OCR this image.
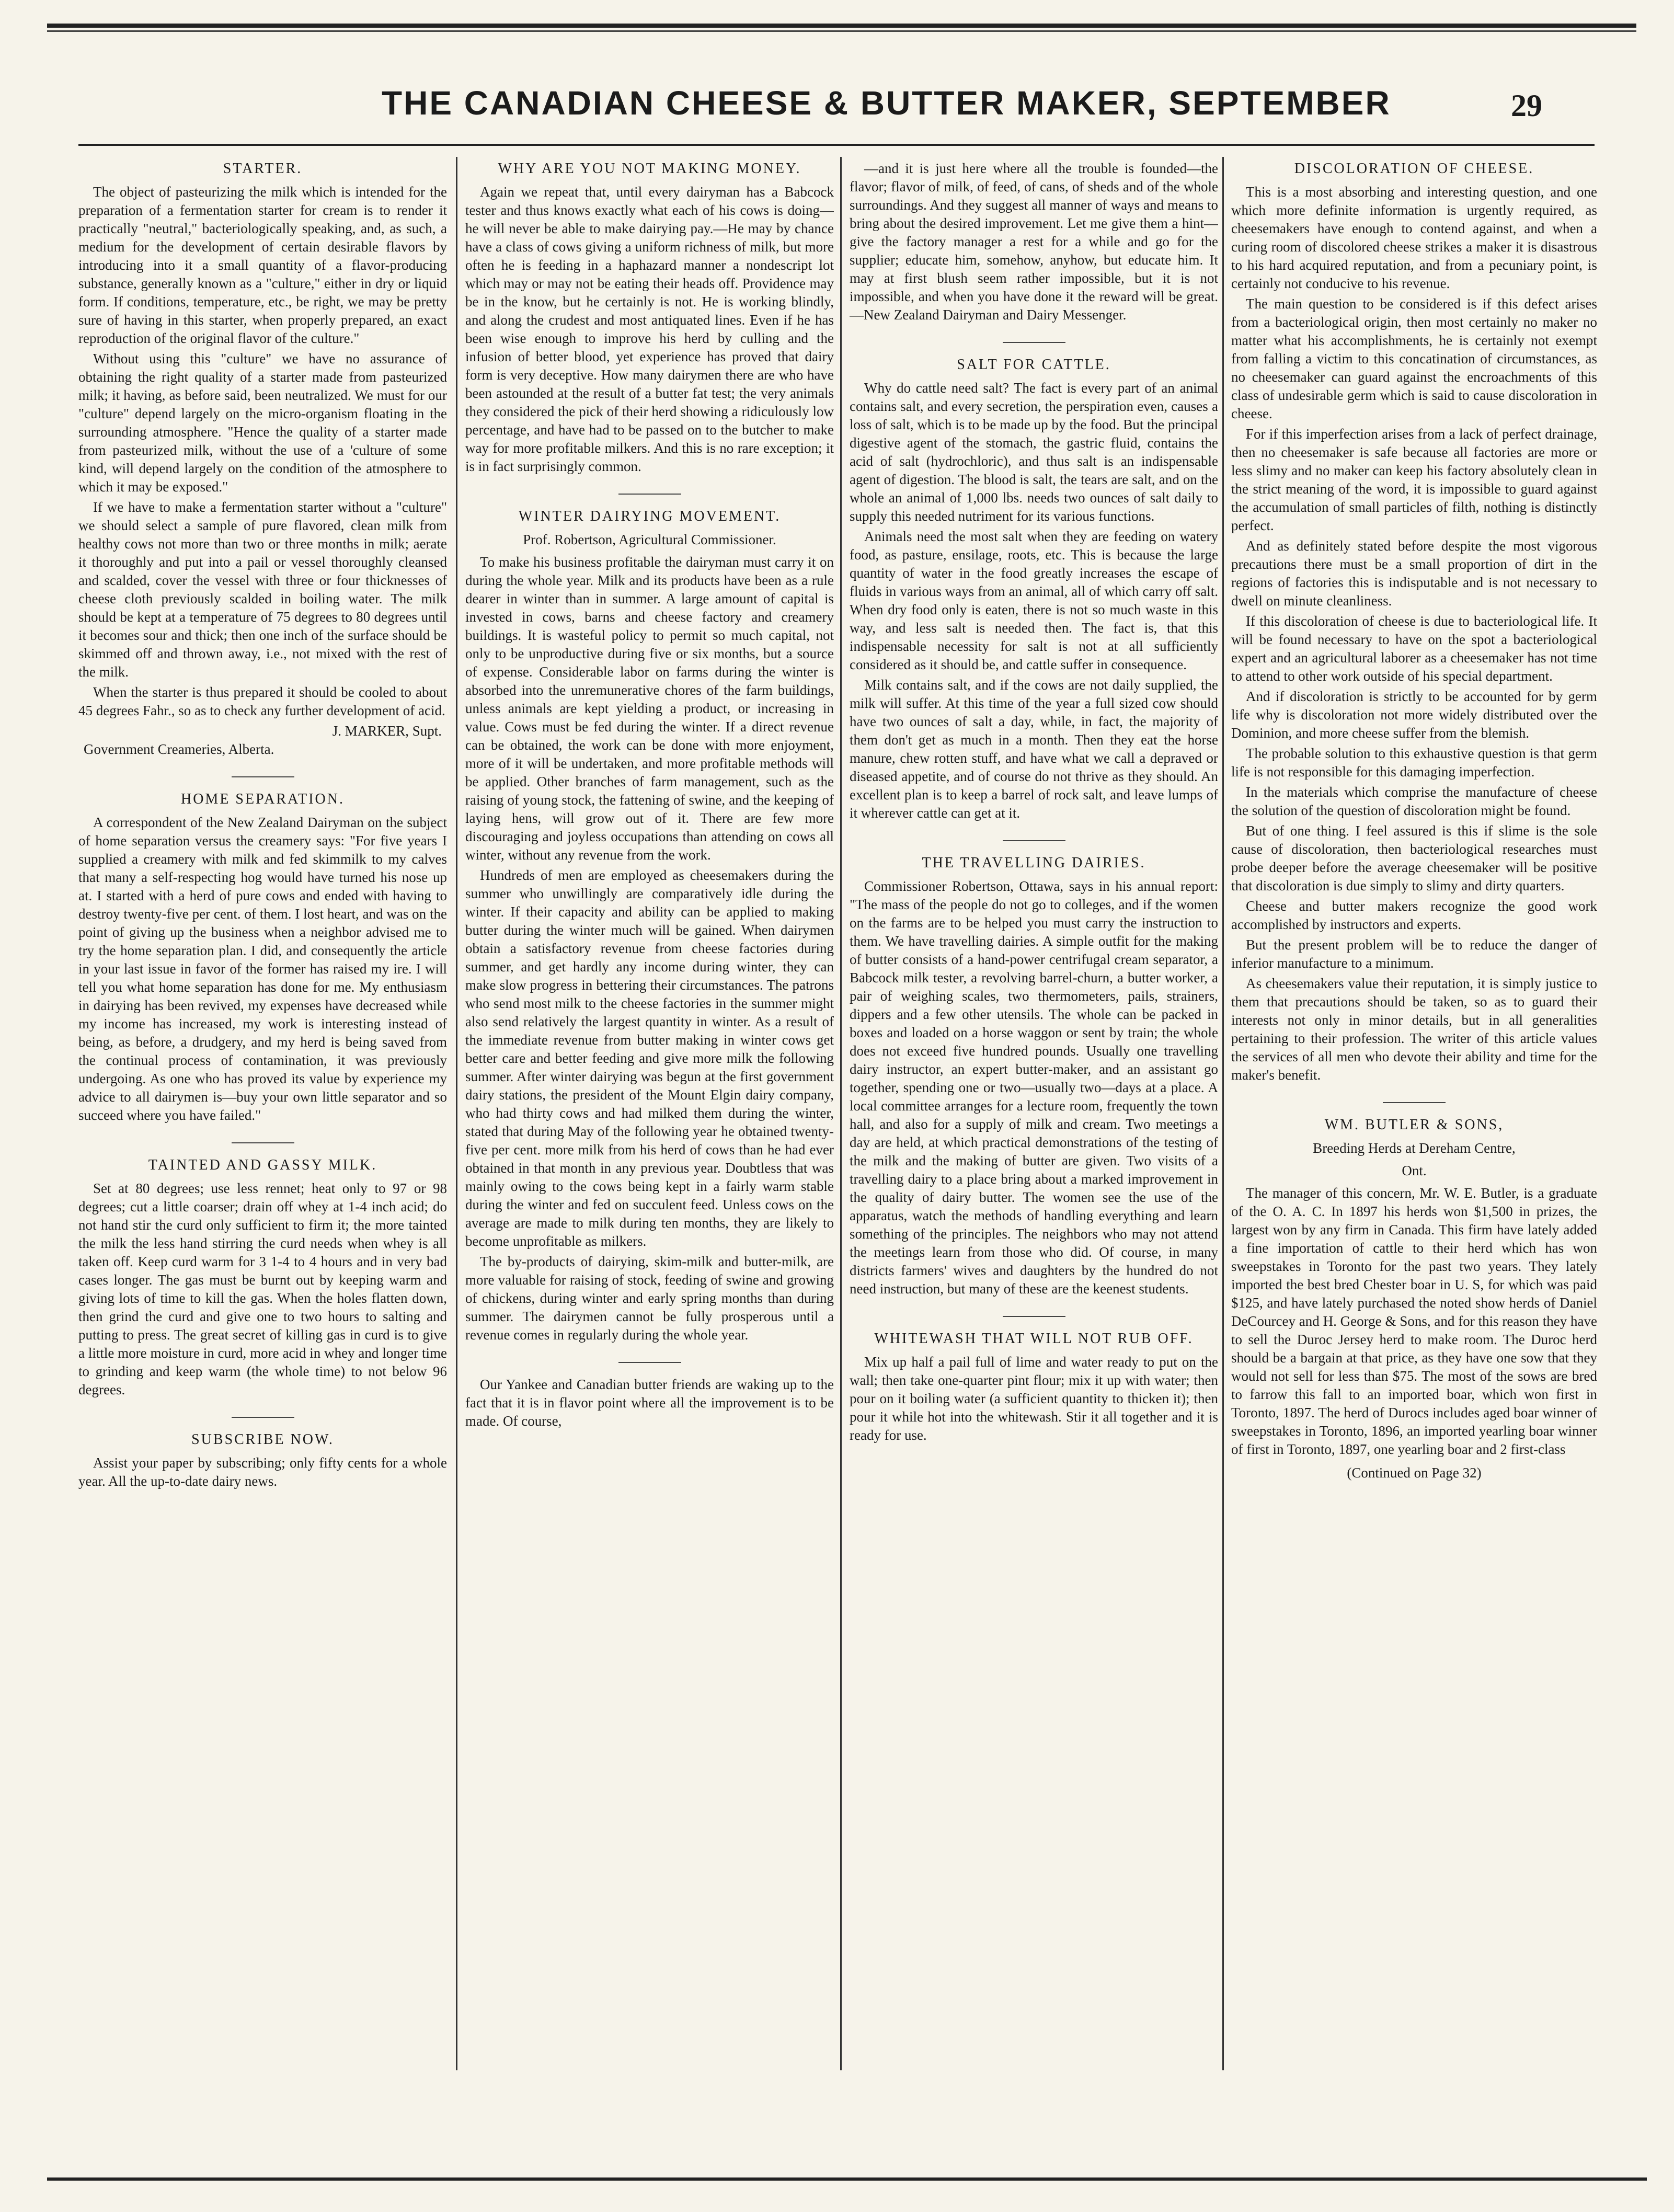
THE CANADIAN CHEESE & BUTTER MAKER, SEPTEMBER	29
STARTER.

The object of pasteurizing the milk which is intended for the preparation of a fermentation starter for cream is to render it practically "neutral," bacteriologically speaking, and, as such, a medium for the development of certain desirable flavors by introducing into it a small quantity of a flavor-producing substance, generally known as a "culture," either in dry or liquid form. If conditions, temperature, etc., be right, we may be pretty sure of having in this starter, when properly prepared, an exact reproduction of the original flavor of the culture."

Without using this "culture" we have no assurance of obtaining the right quality of a starter made from pasteurized milk; it having, as before said, been neutralized. We must for our "culture" depend largely on the micro-organism floating in the surrounding atmosphere. "Hence the quality of a starter made from pasteurized milk, without the use of a 'culture of some kind, will depend largely on the condition of the atmosphere to which it may be exposed."

If we have to make a fermentation starter without a "culture" we should select a sample of pure flavored, clean milk from healthy cows not more than two or three months in milk; aerate it thoroughly and put into a pail or vessel thoroughly cleansed and scalded, cover the vessel with three or four thicknesses of cheese cloth previously scalded in boiling water. The milk should be kept at a temperature of 75 degrees to 80 degrees until it becomes sour and thick; then one inch of the surface should be skimmed off and thrown away, i.e., not mixed with the rest of the milk.

When the starter is thus prepared it should be cooled to about 45 degrees Fahr., so as to check any further development of acid.

J. MARKER, Supt.
Government Creameries, Alberta.
HOME SEPARATION.

A correspondent of the New Zealand Dairyman on the subject of home separation versus the creamery says: "For five years I supplied a creamery with milk and fed skimmilk to my calves that many a self-respecting hog would have turned his nose up at. I started with a herd of pure cows and ended with having to destroy twenty-five per cent. of them. I lost heart, and was on the point of giving up the business when a neighbor advised me to try the home separation plan. I did, and consequently the article in your last issue in favor of the former has raised my ire. I will tell you what home separation has done for me. My enthusiasm in dairying has been revived, my expenses have decreased while my income has increased, my work is interesting instead of being, as before, a drudgery, and my herd is being saved from the continual process of contamination, it was previously undergoing. As one who has proved its value by experience my advice to all dairymen is—buy your own little separator and so succeed where you have failed."

TAINTED AND GASSY MILK.

Set at 80 degrees; use less rennet; heat only to 97 or 98 degrees; cut a little coarser; drain off whey at 1-4 inch acid; do not hand stir the curd only sufficient to firm it; the more tainted the milk the less hand stirring the curd needs when whey is all taken off. Keep curd warm for 3 1-4 to 4 hours and in very bad cases longer. The gas must be burnt out by keeping warm and giving lots of time to kill the gas. When the holes flatten down, then grind the curd and give one to two hours to salting and putting to press. The great secret of killing gas in curd is to give a little more moisture in curd, more acid in whey and longer time to grinding and keep warm (the whole time) to not below 96 degrees.

SUBSCRIBE NOW.

Assist your paper by subscribing; only fifty cents for a whole year. All the up-to-date dairy news.

WHY ARE YOU NOT MAKING MONEY.

Again we repeat that, until every dairyman has a Babcock tester and thus knows exactly what each of his cows is doing—he will never be able to make dairying pay.—He may by chance have a class of cows giving a uniform richness of milk, but more often he is feeding in a haphazard manner a nondescript lot which may or may not be eating their heads off. Providence may be in the know, but he certainly is not. He is working blindly, and along the crudest and most antiquated lines. Even if he has been wise enough to improve his herd by culling and the infusion of better blood, yet experience has proved that dairy form is very deceptive. How many dairymen there are who have been astounded at the result of a butter fat test; the very animals they considered the pick of their herd showing a ridiculously low percentage, and have had to be passed on to the butcher to make way for more profitable milkers. And this is no rare exception; it is in fact surprisingly common.

WINTER DAIRYING MOVEMENT.
Prof. Robertson, Agricultural Commissioner.

To make his business profitable the dairyman must carry it on during the whole year. Milk and its products have been as a rule dearer in winter than in summer. A large amount of capital is invested in cows, barns and cheese factory and creamery buildings. It is wasteful policy to permit so much capital, not only to be unproductive during five or six months, but a source of expense. Considerable labor on farms during the winter is absorbed into the unremunerative chores of the farm buildings, unless animals are kept yielding a product, or increasing in value. Cows must be fed during the winter. If a direct revenue can be obtained, the work can be done with more enjoyment, more of it will be undertaken, and more profitable methods will be applied. Other branches of farm management, such as the raising of young stock, the fattening of swine, and the keeping of laying hens, will grow out of it. There are few more discouraging and joyless occupations than attending on cows all winter, without any revenue from the work.

Hundreds of men are employed as cheesemakers during the summer who unwillingly are comparatively idle during the winter. If their capacity and ability can be applied to making butter during the winter much will be gained. When dairymen obtain a satisfactory revenue from cheese factories during summer, and get hardly any income during winter, they can make slow progress in bettering their circumstances. The patrons who send most milk to the cheese factories in the summer might also send relatively the largest quantity in winter. As a result of the immediate revenue from butter making in winter cows get better care and better feeding and give more milk the following summer. After winter dairying was begun at the first government dairy stations, the president of the Mount Elgin dairy company, who had thirty cows and had milked them during the winter, stated that during May of the following year he obtained twenty-five per cent. more milk from his herd of cows than he had ever obtained in that month in any previous year. Doubtless that was mainly owing to the cows being kept in a fairly warm stable during the winter and fed on succulent feed. Unless cows on the average are made to milk during ten months, they are likely to become unprofitable as milkers.

The by-products of dairying, skim-milk and butter-milk, are more valuable for raising of stock, feeding of swine and growing of chickens, during winter and early spring months than during summer. The dairymen cannot be fully prosperous until a revenue comes in regularly during the whole year.

Our Yankee and Canadian butter friends are waking up to the fact that it is in flavor point where all the improvement is to be made. Of course,

—and it is just here where all the trouble is founded—the flavor; flavor of milk, of feed, of cans, of sheds and of the whole surroundings. And they suggest all manner of ways and means to bring about the desired improvement. Let me give them a hint—give the factory manager a rest for a while and go for the supplier; educate him, somehow, anyhow, but educate him. It may at first blush seem rather impossible, but it is not impossible, and when you have done it the reward will be great.—New Zealand Dairyman and Dairy Messenger.

SALT FOR CATTLE.

Why do cattle need salt? The fact is every part of an animal contains salt, and every secretion, the perspiration even, causes a loss of salt, which is to be made up by the food. But the principal digestive agent of the stomach, the gastric fluid, contains the acid of salt (hydrochloric), and thus salt is an indispensable agent of digestion. The blood is salt, the tears are salt, and on the whole an animal of 1,000 lbs. needs two ounces of salt daily to supply this needed nutriment for its various functions.

Animals need the most salt when they are feeding on watery food, as pasture, ensilage, roots, etc. This is because the large quantity of water in the food greatly increases the escape of fluids in various ways from an animal, all of which carry off salt. When dry food only is eaten, there is not so much waste in this way, and less salt is needed then. The fact is, that this indispensable necessity for salt is not at all sufficiently considered as it should be, and cattle suffer in consequence.

Milk contains salt, and if the cows are not daily supplied, the milk will suffer. At this time of the year a full sized cow should have two ounces of salt a day, while, in fact, the majority of them don't get as much in a month. Then they eat the horse manure, chew rotten stuff, and have what we call a depraved or diseased appetite, and of course do not thrive as they should. An excellent plan is to keep a barrel of rock salt, and leave lumps of it wherever cattle can get at it.

THE TRAVELLING DAIRIES.

Commissioner Robertson, Ottawa, says in his annual report: "The mass of the people do not go to colleges, and if the women on the farms are to be helped you must carry the instruction to them. We have travelling dairies. A simple outfit for the making of butter consists of a hand-power centrifugal cream separator, a Babcock milk tester, a revolving barrel-churn, a butter worker, a pair of weighing scales, two thermometers, pails, strainers, dippers and a few other utensils. The whole can be packed in boxes and loaded on a horse waggon or sent by train; the whole does not exceed five hundred pounds. Usually one travelling dairy instructor, an expert butter-maker, and an assistant go together, spending one or two—usually two—days at a place. A local committee arranges for a lecture room, frequently the town hall, and also for a supply of milk and cream. Two meetings a day are held, at which practical demonstrations of the testing of the milk and the making of butter are given. Two visits of a travelling dairy to a place bring about a marked improvement in the quality of dairy butter. The women see the use of the apparatus, watch the methods of handling everything and learn something of the principles. The neighbors who may not attend the meetings learn from those who did. Of course, in many districts farmers' wives and daughters by the hundred do not need instruction, but many of these are the keenest students.

WHITEWASH THAT WILL NOT RUB OFF.

Mix up half a pail full of lime and water ready to put on the wall; then take one-quarter pint flour; mix it up with water; then pour on it boiling water (a sufficient quantity to thicken it); then pour it while hot into the whitewash. Stir it all together and it is ready for use.

DISCOLORATION OF CHEESE.

This is a most absorbing and interesting question, and one which more definite information is urgently required, as cheesemakers have enough to contend against, and when a curing room of discolored cheese strikes a maker it is disastrous to his hard acquired reputation, and from a pecuniary point, is certainly not conducive to his revenue.

The main question to be considered is if this defect arises from a bacteriological origin, then most certainly no maker no matter what his accomplishments, he is certainly not exempt from falling a victim to this concatination of circumstances, as no cheesemaker can guard against the encroachments of this class of undesirable germ which is said to cause discoloration in cheese.

For if this imperfection arises from a lack of perfect drainage, then no cheesemaker is safe because all factories are more or less slimy and no maker can keep his factory absolutely clean in the strict meaning of the word, it is impossible to guard against the accumulation of small particles of filth, nothing is distinctly perfect.

And as definitely stated before despite the most vigorous precautions there must be a small proportion of dirt in the regions of factories this is indisputable and is not necessary to dwell on minute cleanliness.

If this discoloration of cheese is due to bacteriological life. It will be found necessary to have on the spot a bacteriological expert and an agricultural laborer as a cheesemaker has not time to attend to other work outside of his special department.

And if discoloration is strictly to be accounted for by germ life why is discoloration not more widely distributed over the Dominion, and more cheese suffer from the blemish.

The probable solution to this exhaustive question is that germ life is not responsible for this damaging imperfection.

In the materials which comprise the manufacture of cheese the solution of the question of discoloration might be found.

But of one thing. I feel assured is this if slime is the sole cause of discoloration, then bacteriological researches must probe deeper before the average cheesemaker will be positive that discoloration is due simply to slimy and dirty quarters.

Cheese and butter makers recognize the good work accomplished by instructors and experts.

But the present problem will be to reduce the danger of inferior manufacture to a minimum.

As cheesemakers value their reputation, it is simply justice to them that precautions should be taken, so as to guard their interests not only in minor details, but in all generalities pertaining to their profession. The writer of this article values the services of all men who devote their ability and time for the maker's benefit.

WM. BUTLER & SONS,
Breeding Herds at Dereham Centre,
Ont.

The manager of this concern, Mr. W. E. Butler, is a graduate of the O. A. C. In 1897 his herds won $1,500 in prizes, the largest won by any firm in Canada. This firm have lately added a fine importation of cattle to their herd which has won sweepstakes in Toronto for the past two years. They lately imported the best bred Chester boar in U. S, for which was paid $125, and have lately purchased the noted show herds of Daniel DeCourcey and H. George & Sons, and for this reason they have to sell the Duroc Jersey herd to make room. The Duroc herd should be a bargain at that price, as they have one sow that they would not sell for less than $75. The most of the sows are bred to farrow this fall to an imported boar, which won first in Toronto, 1897. The herd of Durocs includes aged boar winner of sweepstakes in Toronto, 1896, an imported yearling boar winner of first in Toronto, 1897, one yearling boar and 2 first-class

(Continued on Page 32)
